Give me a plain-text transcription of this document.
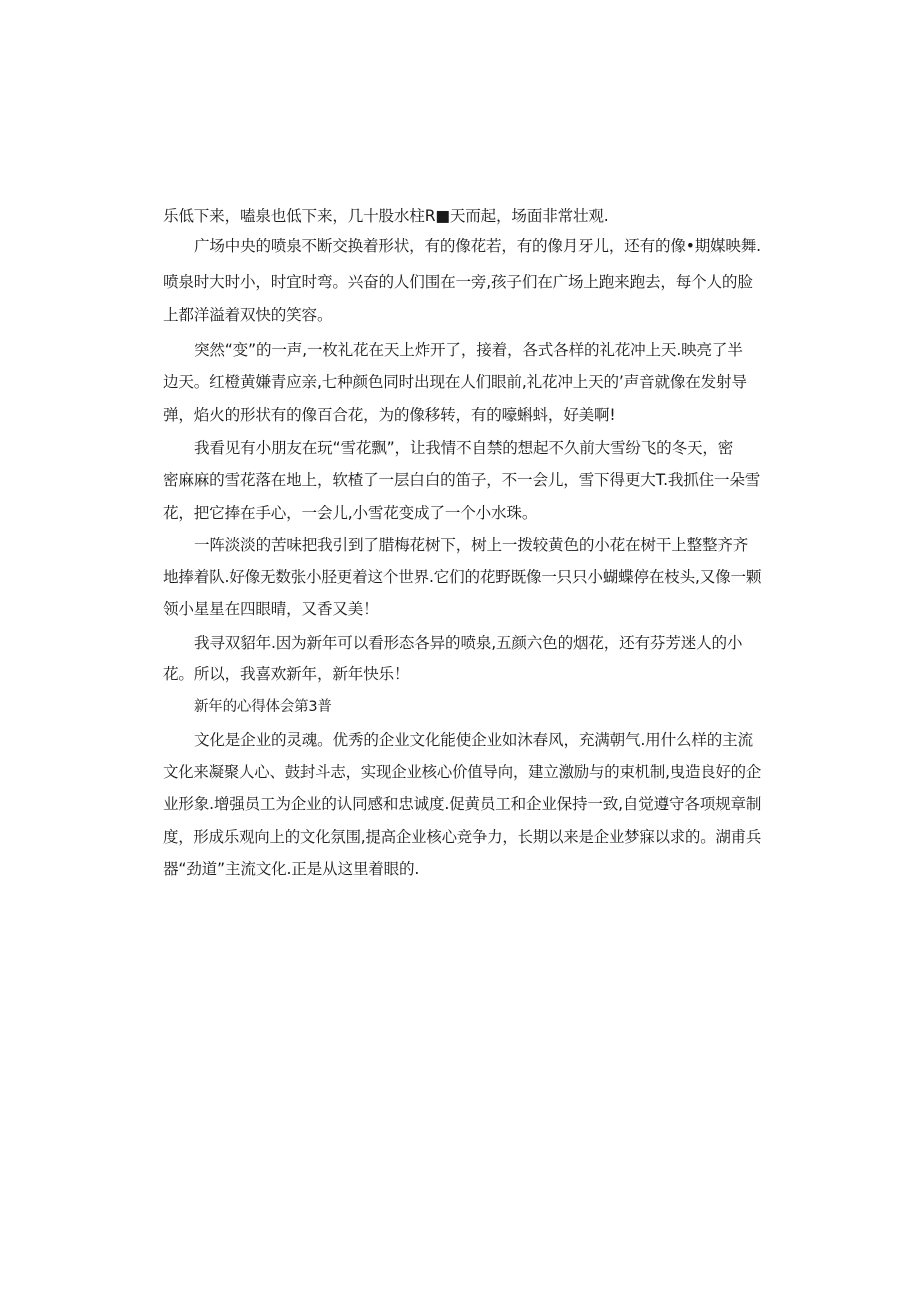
乐低下来，嗑泉也低下来，几十股水柱R■天而起，场面非常壮观.
广场中央的喷泉不断交换着形状，有的像花若，有的像月牙儿，还有的像•期媒映舞.
喷泉时大时小，时宜时弯。兴奋的人们围在一旁,孩子们在广场上跑来跑去，每个人的脸
上都洋溢着双快的笑容。
突然“变”的一声,一枚礼花在天上炸开了，接着，各式各样的礼花冲上天.映亮了半
边天。红橙黄嫌青应亲,七种颜色同时出现在人们眼前,礼花冲上天的’声音就像在发射导
弹，焰火的形状有的像百合花，为的像移转，有的嚎蝌蚪，好美啊!
我看见有小朋友在玩“雪花飘”，让我情不自禁的想起不久前大雪纷飞的冬天，密
密麻麻的雪花落在地上，软楂了一层白白的笛子，不一会儿，雪下得更大T.我抓住一朵雪
花，把它捧在手心，一会儿,小雪花变成了一个小水珠。
一阵淡淡的苦味把我引到了腊梅花树下，树上一拨较黄色的小花在树干上整整齐齐
地捧着队.好像无数张小胫更着这个世界.它们的花野既像一只只小蝴蝶停在枝头,又像一颗
领小星星在四眼晴，又香又美！
我寻双貂年.因为新年可以看形态各异的喷泉,五颜六色的烟花，还有芬芳迷人的小
花。所以，我喜欢新年，新年快乐！
新年的心得体会第3普
文化是企业的灵魂。优秀的企业文化能使企业如沐春风，充满朝气.用什么样的主流
文化来凝聚人心、鼓封斗志，实现企业核心价值导向，建立激励与的束机制,曳造良好的企
业形象.增强员工为企业的认同感和忠诚度.促黄员工和企业保持一致,自觉遵守各项规章制
度，形成乐观向上的文化氛围,提高企业核心竞争力，长期以来是企业梦寐以求的。湖甫兵
器“劲道”主流文化.正是从这里着眼的.
